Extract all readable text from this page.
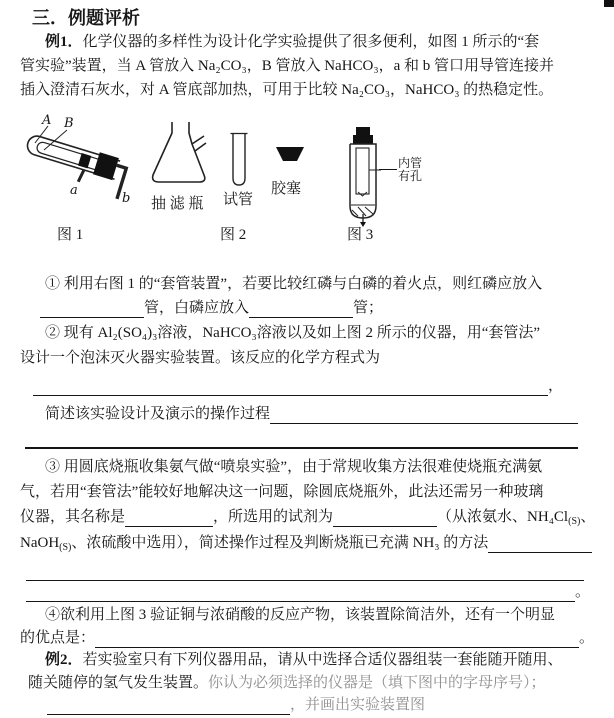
三．例题评析
例1． 化学仪器的多样性为设计化学实验提供了很多便利，如图 1 所示的“套
管实验”装置，当 A 管放入 Na₂CO₃，B 管放入 NaHCO₃，a 和 b 管口用导管连接并
插入澄清石灰水，对 A 管底部加热，可用于比较 Na₂CO₃，NaHCO₃ 的热稳定性。
A B
a
b
图 1
抽 滤 瓶 试管
胶塞
图 2
内管
有孔
图 3
① 利用右图 1 的“套管装置”，若要比较红磷与白磷的着火点，则红磷应放入
管，白磷应放入	管；
② 现有 Al₂(SO₄)₃溶液，NaHCO₃溶液以及如上图 2 所示的仪器，用“套管法”
设计一个泡沫灭火器实验装置。该反应的化学方程式为
，
简述该实验设计及演示的操作过程
③ 用圆底烧瓶收集氨气做“喷泉实验”，由于常规收集方法很难使烧瓶充满氨
气，若用“套管法”能较好地解决这一问题，除圆底烧瓶外，此法还需另一种玻璃
仪器，其名称是	，所选用的试剂为	（从浓氨水、NH₄Cl (S) 、
NaOH (S) 、浓硫酸中选用），简述操作过程及判断烧瓶已充满 NH₃ 的方法
。
④欲利用上图 3 验证铜与浓硝酸的反应产物，该装置除简洁外，还有一个明显
的优点是：	。
例2． 若实验室只有下列仪器用品，请从中选择合适仪器组装一套能随开随用、
随关随停的氢气发生装置。 你认为必须选择的仪器是（填下图中的字母序号）；
，并画出实验装置图
